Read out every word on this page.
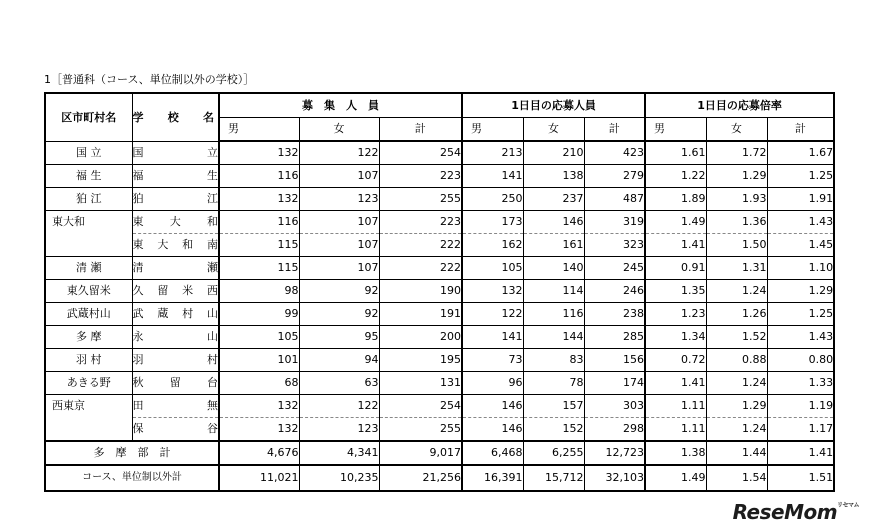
1［普通科（コース、単位制以外の学校）］
区市町村名	学 校 名	募　集　人　員			1日目の応募人員			1日目の応募倍率		
		男	女	計	男	女	計	男	女	計
国 立	国 立	132	122	254	213	210	423	1.61	1.72	1.67
福 生	福 生	116	107	223	141	138	279	1.22	1.29	1.25
狛 江	狛 江	132	123	255	250	237	487	1.89	1.93	1.91
東大和	東 大 和	116	107	223	173	146	319	1.49	1.36	1.43

	東 大 和 南	115	107	222	162	161	323	1.41	1.50	1.45
清 瀬	清 瀬	115	107	222	105	140	245	0.91	1.31	1.10
東久留米	久 留 米 西	98	92	190	132	114	246	1.35	1.24	1.29
武蔵村山	武 蔵 村 山	99	92	191	122	116	238	1.23	1.26	1.25
多 摩	永 山	105	95	200	141	144	285	1.34	1.52	1.43
羽 村	羽 村	101	94	195	73	83	156	0.72	0.88	0.80
あきる野	秋 留 台	68	63	131	96	78	174	1.41	1.24	1.33
西東京	田 無	132	122	254	146	157	303	1.11	1.29	1.19

	保 谷	132	123	255	146	152	298	1.11	1.24	1.17
多　摩　部　計		4,676	4,341	9,017	6,468	6,255	12,723	1.38	1.44	1.41
コース、単位制以外計		11,021	10,235	21,256	16,391	15,712	32,103	1.49	1.54	1.51
ReseMom$^{リセマム}$
